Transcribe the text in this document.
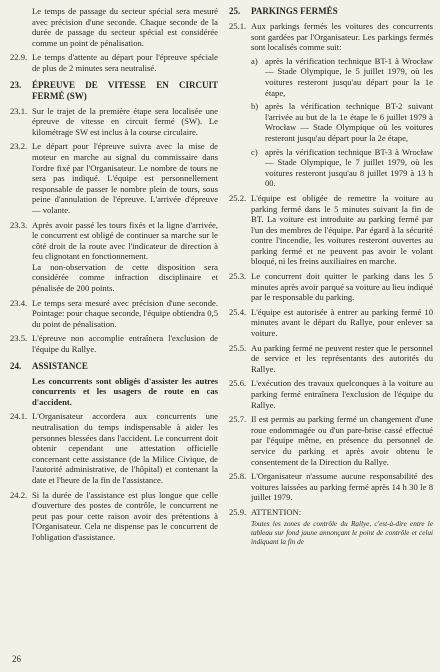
Le temps de passage du secteur spécial sera mesuré avec précision d'une seconde. Chaque seconde de la durée de passage du secteur spécial est considérée comme un point de pénalisation.
22.9. Le temps d'attente au départ pour l'épreuve spéciale de plus de 2 minutes sera neutralisé.
23.	ÉPREUVE DE VITESSE EN CIRCUIT FERMÉ (SW)
23.1. Sur le trajet de la première étape sera localisée une épreuve de vitesse en circuit fermé (SW). Le kilométrage SW est inclus à la course circulaire.
23.2. Le départ pour l'épreuve suivra avec la mise de moteur en marche au signal du commissaire dans l'ordre fixé par l'Organisateur. Le nombre de tours ne sera pas indiqué. L'équipe est personnellement responsable de passer le nombre plein de tours, sous peine d'annulation de l'épreuve. L'arrivée d'épreuve — volante.
23.3. Après avoir passé les tours fixés et la ligne d'arrivée, le concurrent est obligé de continuer sa marche sur le côté droit de la route avec l'indicateur de direction à feu clignotant en fonctionnement.
La non-observation de cette disposition sera considérée comme infraction disciplinaire et pénalisée de 200 points.
23.4. Le temps sera mesuré avec précision d'une seconde. Pointage: pour chaque seconde, l'équipe obtiendra 0,5 du point de pénalisation.
23.5. L'épreuve non accomplie entraînera l'exclusion de l'équipe du Rallye.
24.	ASSISTANCE
Les concurrents sont obligés d'assister les autres concurrents et les usagers de route en cas d'accident.
24.1. L'Organisateur accordera aux concurrents une neutralisation du temps indispensable à aider les personnes blessées dans l'accident. Le concurrent doit obtenir cependant une attestation officielle concernant cette assistance (de la Milice Civique, de l'autorité administrative, de l'hôpital) et contenant la date et l'heure de la fin de l'assistance.
24.2. Si la durée de l'assistance est plus longue que celle d'ouverture des postes de contrôle, le concurrent ne peut pas pour cette raison avoir des prétentions à l'Organisateur. Cela ne dispense pas le concurrent de l'obligation d'assistance.
25.	PARKINGS FERMÉS
25.1. Aux parkings fermés les voitures des concurrents sont gardées par l'Organisateur. Les parkings fermés sont localisés comme suit:
a) après la vérification technique BT-1 à Wrocław — Stade Olympique, le 5 juillet 1979, où les voitures resteront jusqu'au départ pour la 1e étape,
b) après la vérification technique BT-2 suivant l'arrivée au but de la 1e étape le 6 juillet 1979 à Wrocław — Stade Olympique où les voitures resteront jusqu'au départ pour la 2e étape,
c) après la vérification technique BT-3 à Wrocław — Stade Olympique, le 7 juillet 1979, où les voitures resteront jusqu'au 8 juillet 1979 à 13 h 00.
25.2. L'équipe est obligée de remettre la voiture au parking fermé dans le 5 minutes suivant la fin de BT. La voiture est introduite au parking fermé par l'un des membres de l'équipe. Par égard à la sécurité contre l'incendie, les voitures resteront ouvertes au parking fermé et ne peuvent pas avoir le volant bloqué, ni les freins auxiliaires en marche.
25.3. Le concurrent doit quitter le parking dans les 5 minutes après avoir parqué sa voiture au lieu indiqué par le responsable du parking.
25.4. L'équipe est autorisée à entrer au parking fermé 10 minutes avant le départ du Rallye, pour enlever sa voiture.
25.5. Au parking fermé ne peuvent rester que le personnel de service et les représentants des autorités du Rallye.
25.6. L'exécution des travaux quelconques à la voiture au parking fermé entraînera l'exclusion de l'équipe du Rallye.
25.7. Il est permis au parking fermé un changement d'une roue endommagée ou d'un pare-brise cassé effectué par l'équipe même, en présence du personnel de service du parking et après avoir obtenu le consentement de la Direction du Rallye.
25.8. L'Organisateur n'assume aucune responsabilité des voitures laissées au parking fermé après 14 h 30 le 8 juillet 1979.
25.9. ATTENTION:
Toutes les zones de contrôle du Rallye, c'est-à-dire entre le tableau sur fond jaune annonçant le point de contrôle et celui indiquant la fin de
26
